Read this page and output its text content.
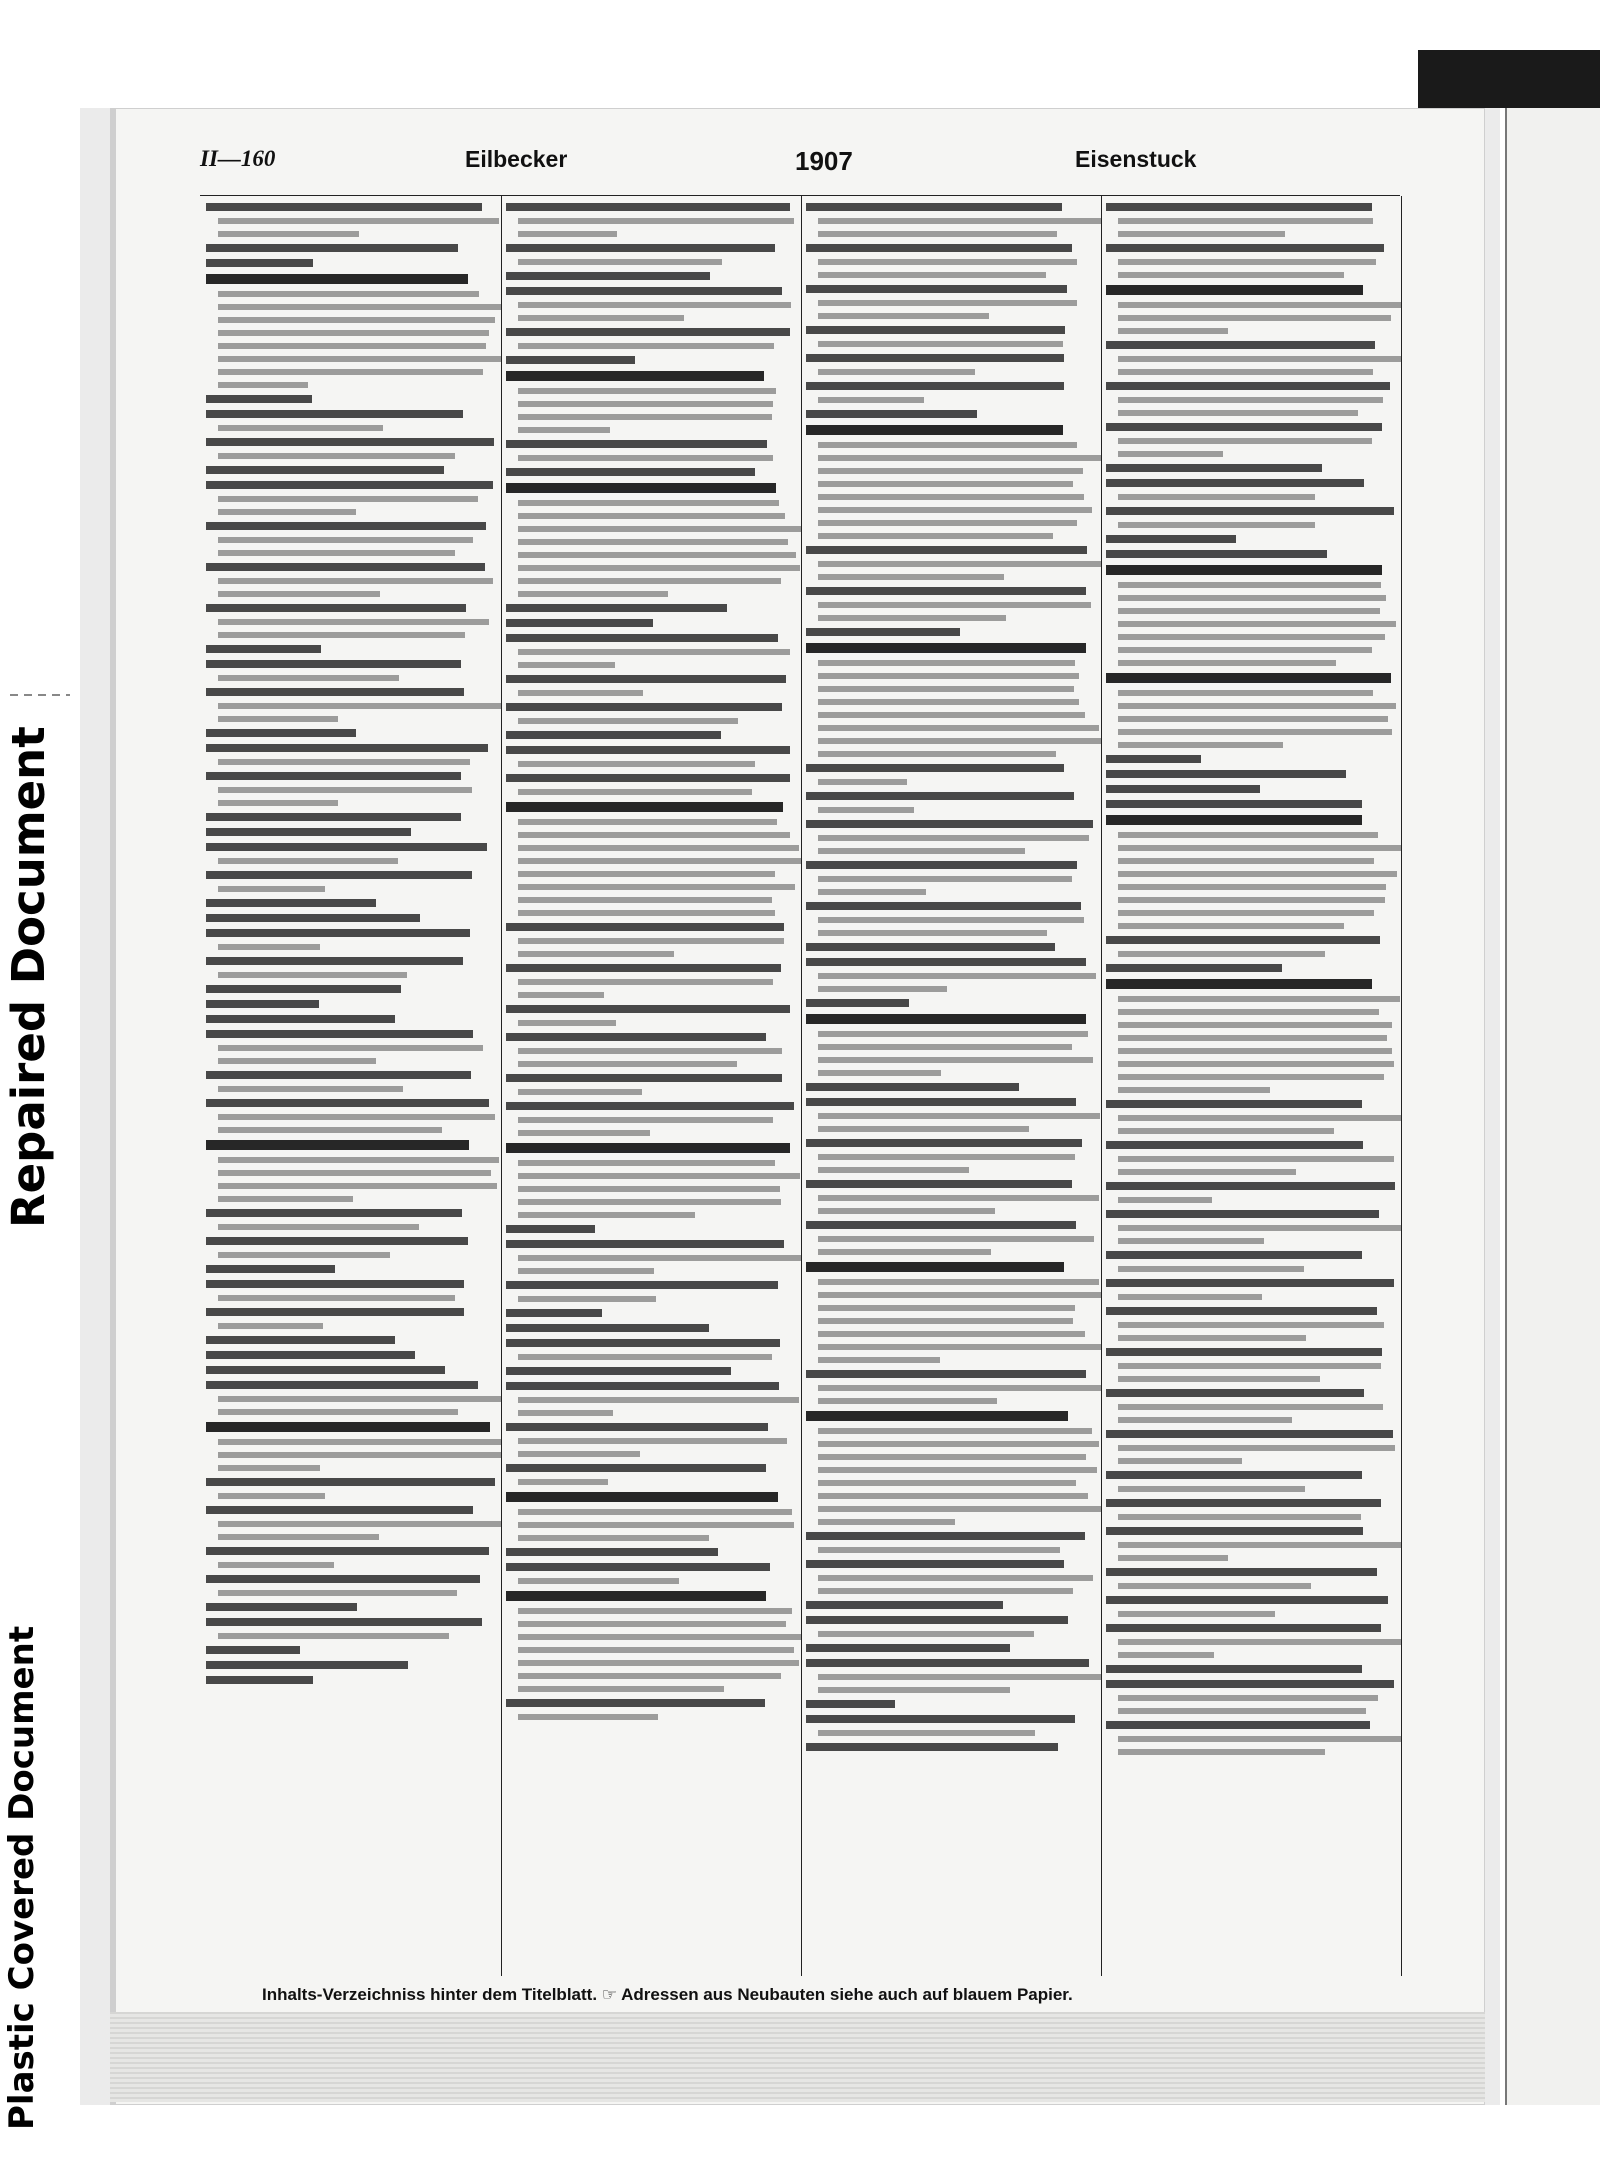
II—160	Eilbecker	1907	Eisenstuck
Inhalts-Verzeichniss hinter dem Titelblatt. ☞ Adressen aus Neubauten siehe auch auf blauem Papier.
Repaired Document
Plastic Covered Document
